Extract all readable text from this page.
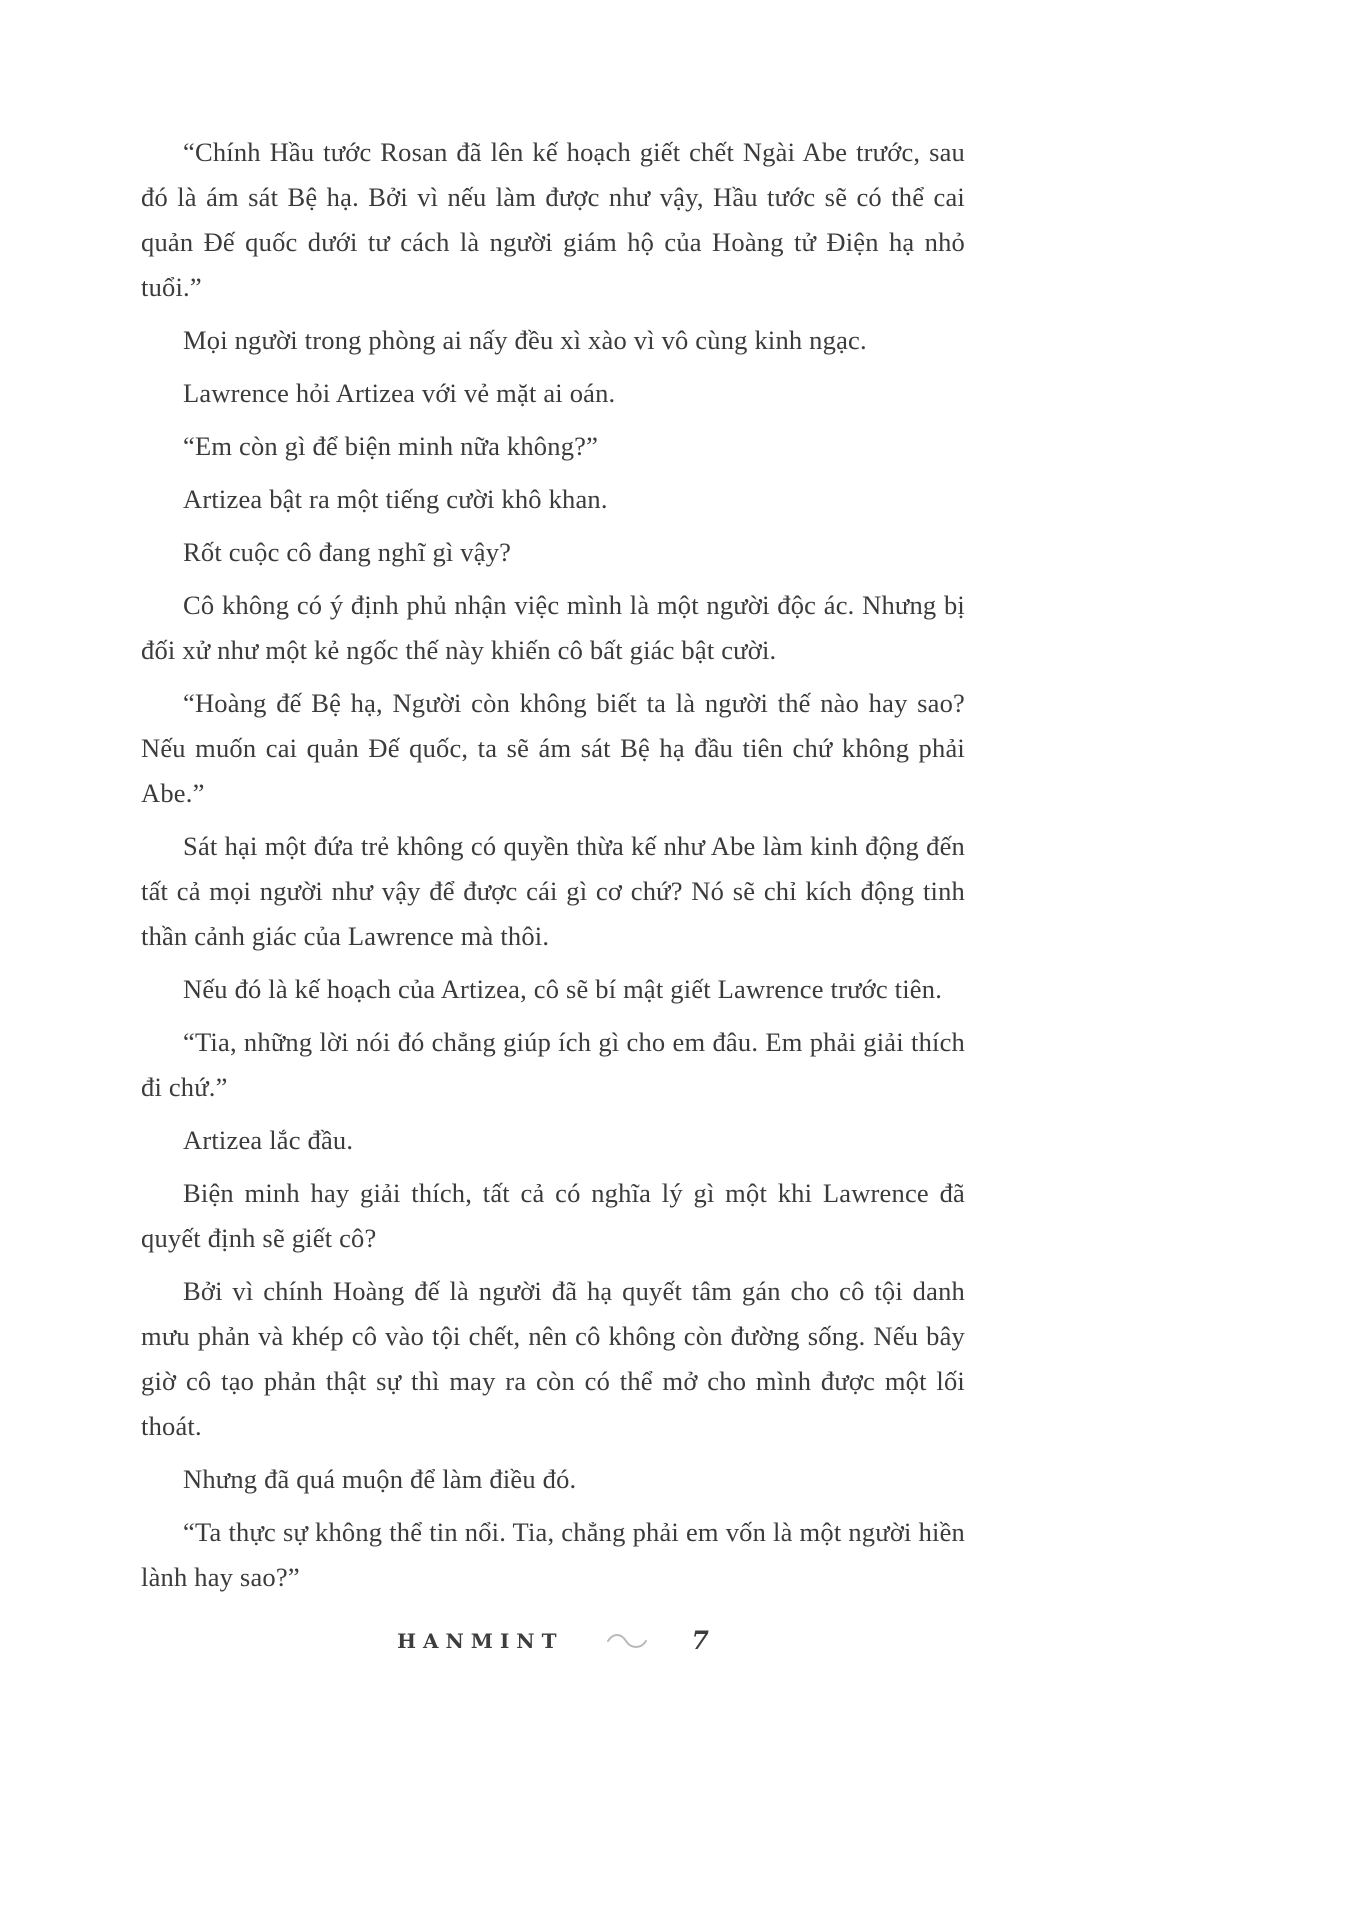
“Chính Hầu tước Rosan đã lên kế hoạch giết chết Ngài Abe trước, sau đó là ám sát Bệ hạ. Bởi vì nếu làm được như vậy, Hầu tước sẽ có thể cai quản Đế quốc dưới tư cách là người giám hộ của Hoàng tử Điện hạ nhỏ tuổi.”

Mọi người trong phòng ai nấy đều xì xào vì vô cùng kinh ngạc.

Lawrence hỏi Artizea với vẻ mặt ai oán.

“Em còn gì để biện minh nữa không?”

Artizea bật ra một tiếng cười khô khan.

Rốt cuộc cô đang nghĩ gì vậy?

Cô không có ý định phủ nhận việc mình là một người độc ác. Nhưng bị đối xử như một kẻ ngốc thế này khiến cô bất giác bật cười.

“Hoàng đế Bệ hạ, Người còn không biết ta là người thế nào hay sao? Nếu muốn cai quản Đế quốc, ta sẽ ám sát Bệ hạ đầu tiên chứ không phải Abe.”

Sát hại một đứa trẻ không có quyền thừa kế như Abe làm kinh động đến tất cả mọi người như vậy để được cái gì cơ chứ? Nó sẽ chỉ kích động tinh thần cảnh giác của Lawrence mà thôi.

Nếu đó là kế hoạch của Artizea, cô sẽ bí mật giết Lawrence trước tiên.

“Tia, những lời nói đó chẳng giúp ích gì cho em đâu. Em phải giải thích đi chứ.”

Artizea lắc đầu.

Biện minh hay giải thích, tất cả có nghĩa lý gì một khi Lawrence đã quyết định sẽ giết cô?

Bởi vì chính Hoàng đế là người đã hạ quyết tâm gán cho cô tội danh mưu phản và khép cô vào tội chết, nên cô không còn đường sống. Nếu bây giờ cô tạo phản thật sự thì may ra còn có thể mở cho mình được một lối thoát.

Nhưng đã quá muộn để làm điều đó.

“Ta thực sự không thể tin nổi. Tia, chẳng phải em vốn là một người hiền lành hay sao?”

HANMINT	7
